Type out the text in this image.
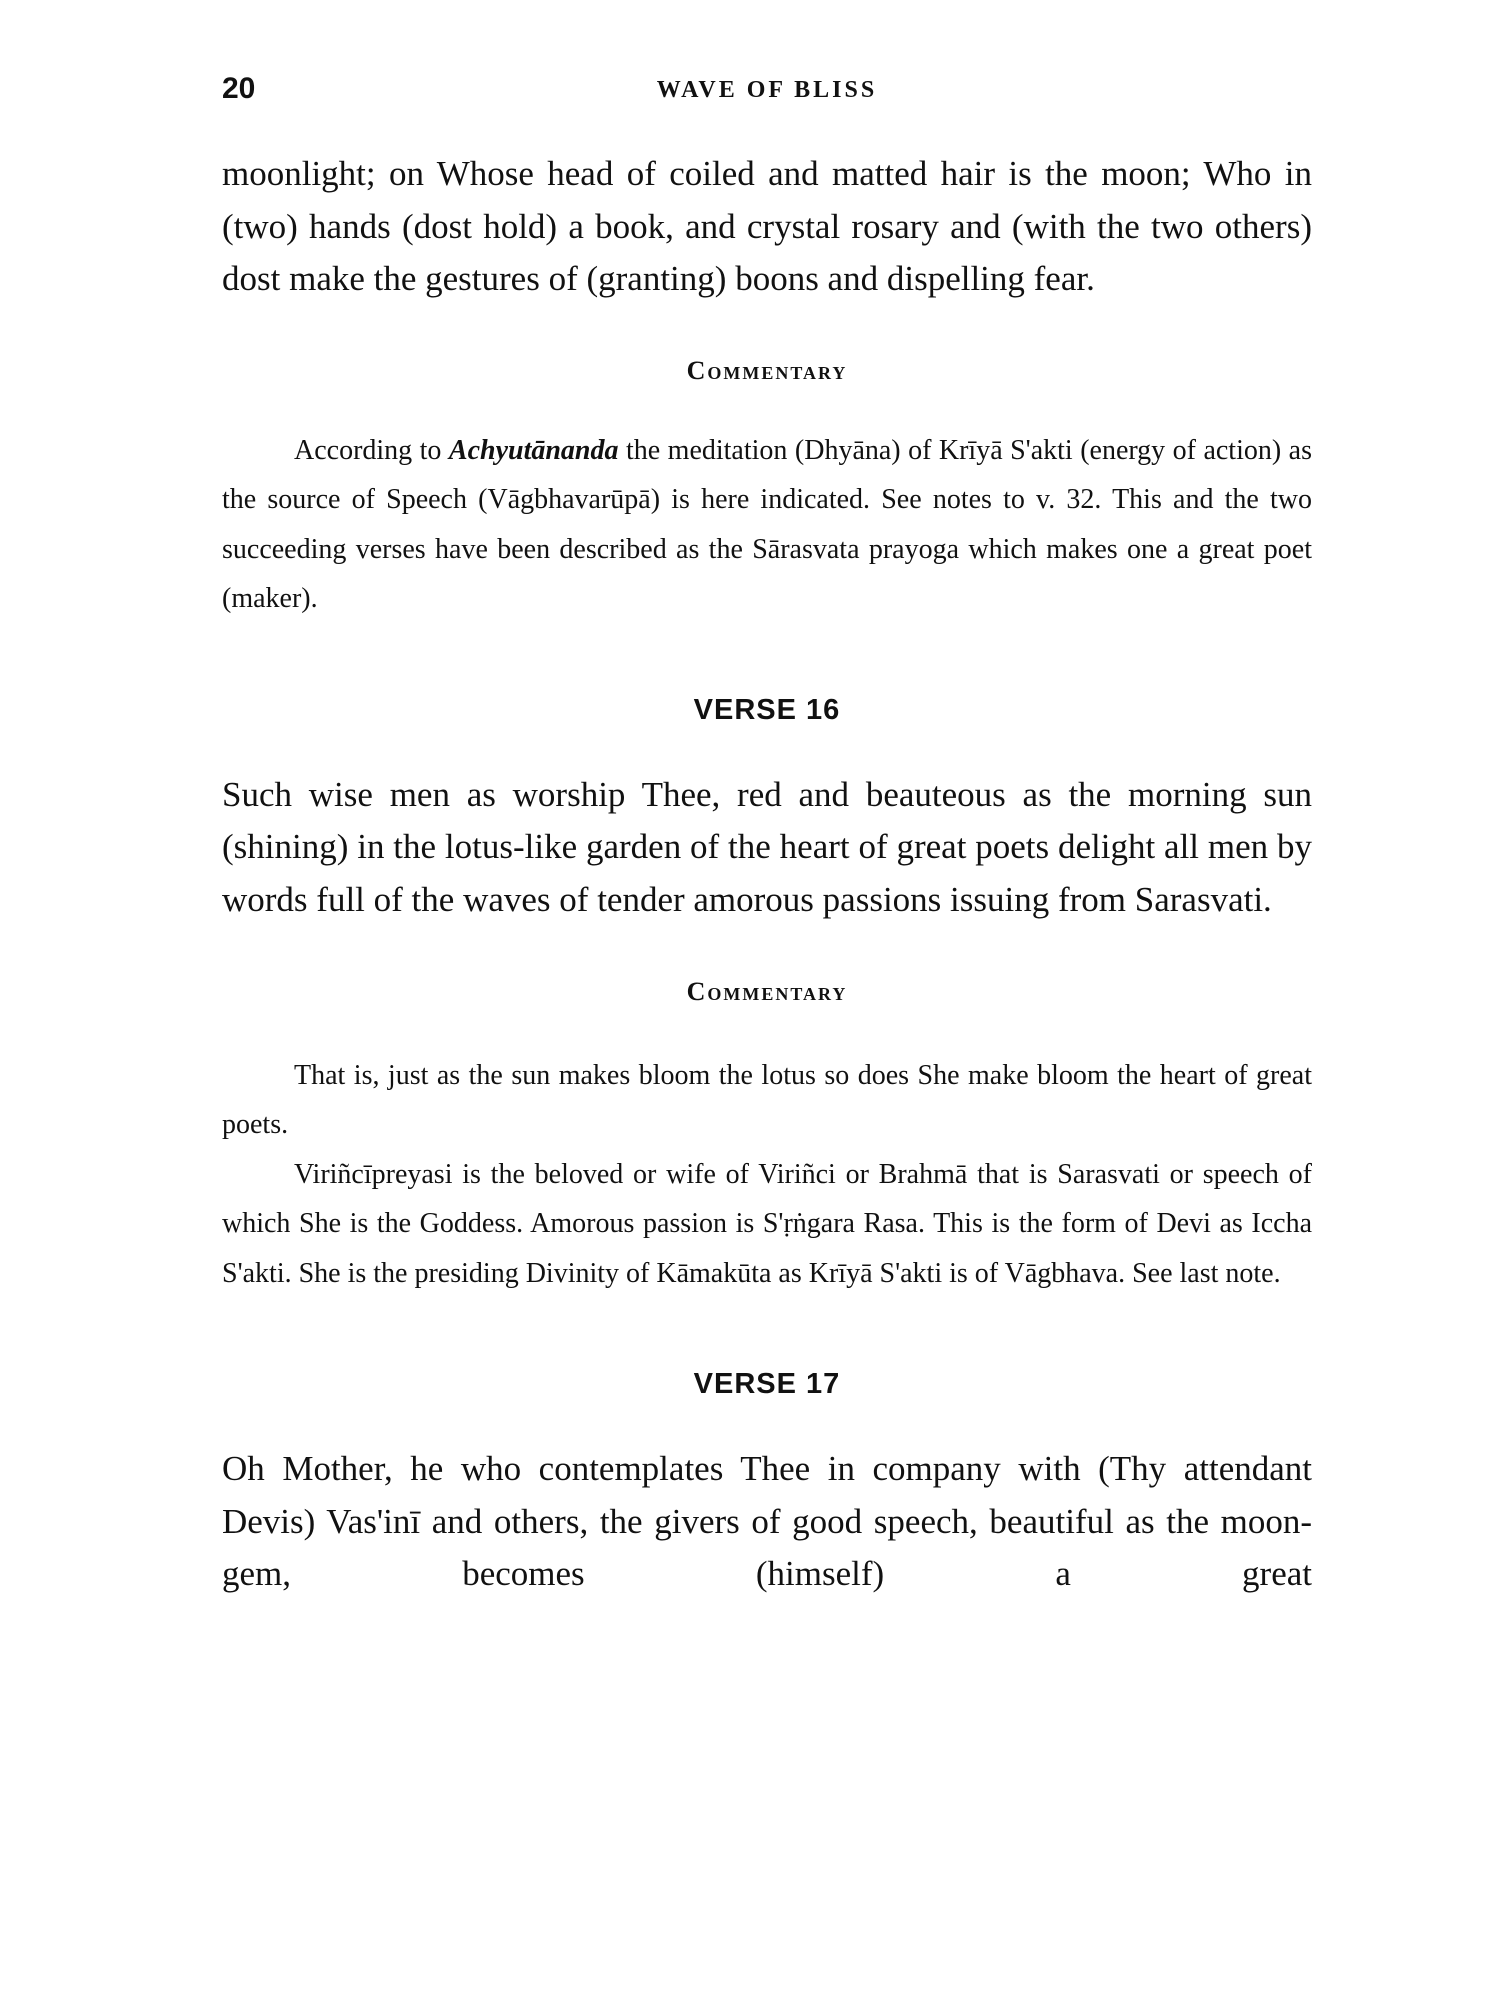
20	WAVE OF BLISS

moonlight; on Whose head of coiled and matted hair is the moon; Who in (two) hands (dost hold) a book, and crystal rosary and (with the two others) dost make the gestures of (granting) boons and dispelling fear.

Commentary

According to Achyutānanda the meditation (Dhyāna) of Krīyā S'akti (energy of action) as the source of Speech (Vāgbhavarūpā) is here indicated. See notes to v. 32. This and the two succeeding verses have been described as the Sārasvata prayoga which makes one a great poet (maker).

VERSE 16

Such wise men as worship Thee, red and beauteous as the morning sun (shining) in the lotus-like garden of the heart of great poets delight all men by words full of the waves of tender amorous passions issuing from Sarasvati.

Commentary

That is, just as the sun makes bloom the lotus so does She make bloom the heart of great poets.

Viriñcīpreyasi is the beloved or wife of Viriñci or Brahmā that is Sarasvati or speech of which She is the Goddess. Amorous passion is S'ṛṅgara Rasa. This is the form of Devi as Iccha S'akti. She is the presiding Divinity of Kāmakūta as Krīyā S'akti is of Vāgbhava. See last note.

VERSE 17

Oh Mother, he who contemplates Thee in company with (Thy attendant Devis) Vas'inī and others, the givers of good speech, beautiful as the moon-gem, becomes (himself) a great
